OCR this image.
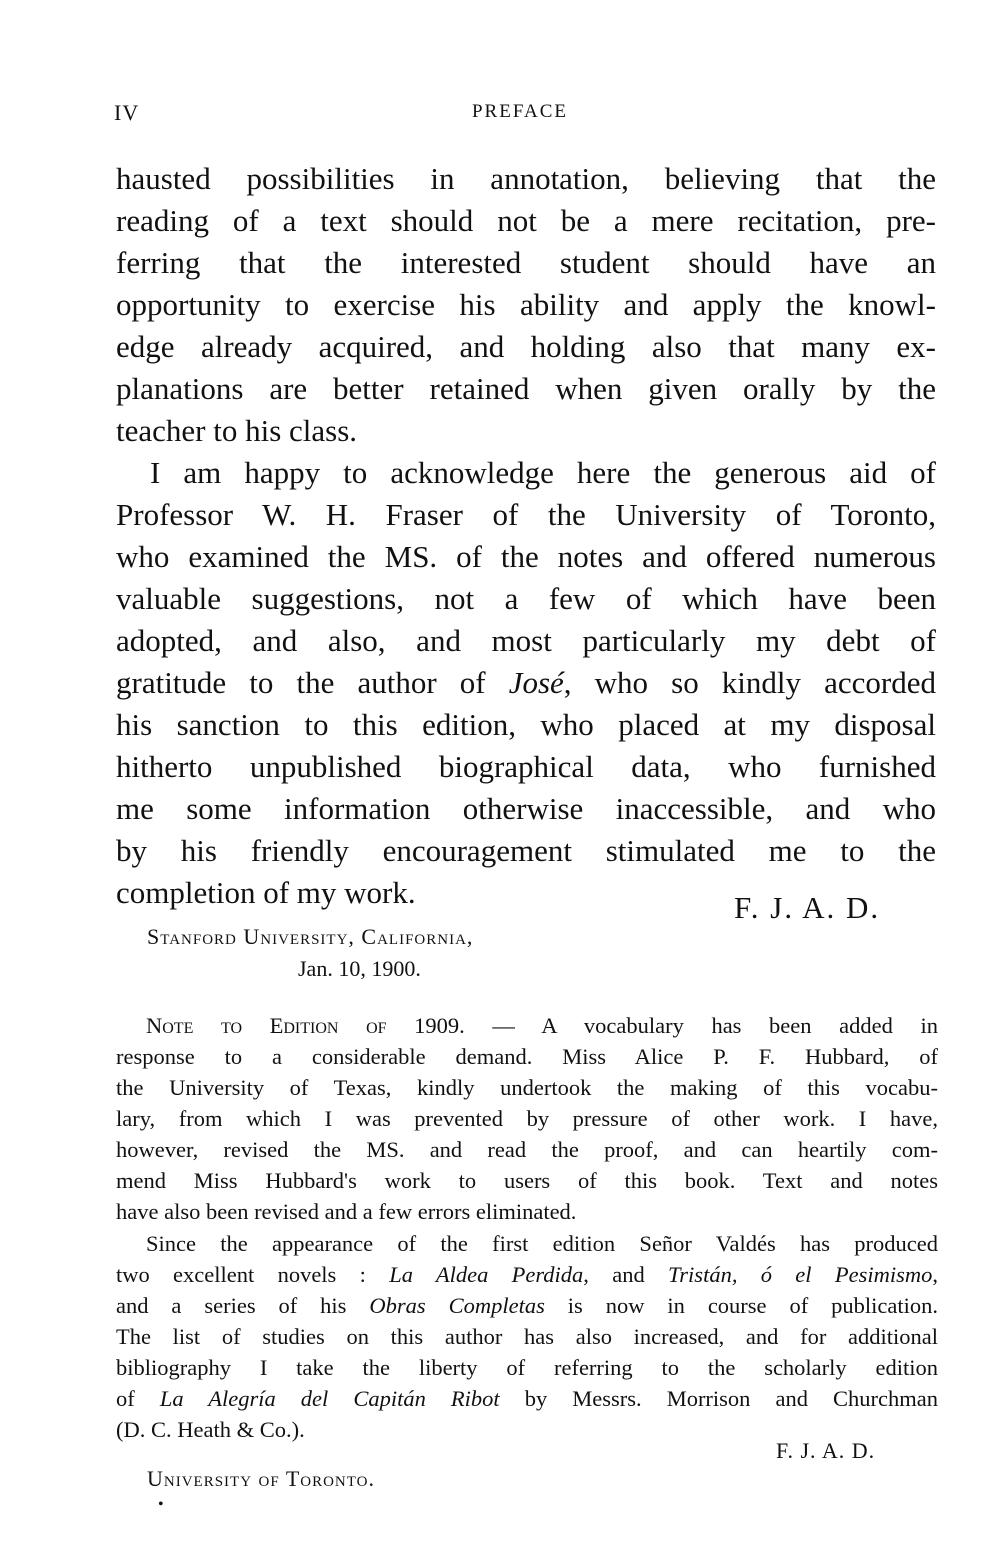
IV	PREFACE
hausted possibilities in annotation, believing that the
reading of a text should not be a mere recitation, pre-
ferring that the interested student should have an
opportunity to exercise his ability and apply the knowl-
edge already acquired, and holding also that many ex-
planations are better retained when given orally by the
teacher to his class.
I am happy to acknowledge here the generous aid of
Professor W. H. Fraser of the University of Toronto,
who examined the MS. of the notes and offered numerous
valuable suggestions, not a few of which have been
adopted, and also, and most particularly my debt of
gratitude to the author of José, who so kindly accorded
his sanction to this edition, who placed at my disposal
hitherto unpublished biographical data, who furnished
me some information otherwise inaccessible, and who
by his friendly encouragement stimulated me to the
completion of my work.	F. J. A. D.
Stanford University, California,
Jan. 10, 1900.
Note to Edition of 1909. — A vocabulary has been added in
response to a considerable demand. Miss Alice P. F. Hubbard, of
the University of Texas, kindly undertook the making of this vocabu-
lary, from which I was prevented by pressure of other work. I have,
however, revised the MS. and read the proof, and can heartily com-
mend Miss Hubbard's work to users of this book. Text and notes
have also been revised and a few errors eliminated.
Since the appearance of the first edition Señor Valdés has produced
two excellent novels : La Aldea Perdida, and Tristán, ó el Pesimismo,
and a series of his Obras Completas is now in course of publication.
The list of studies on this author has also increased, and for additional
bibliography I take the liberty of referring to the scholarly edition
of La Alegría del Capitán Ribot by Messrs. Morrison and Churchman
(D. C. Heath & Co.).
F. J. A. D.
University of Toronto.
•
